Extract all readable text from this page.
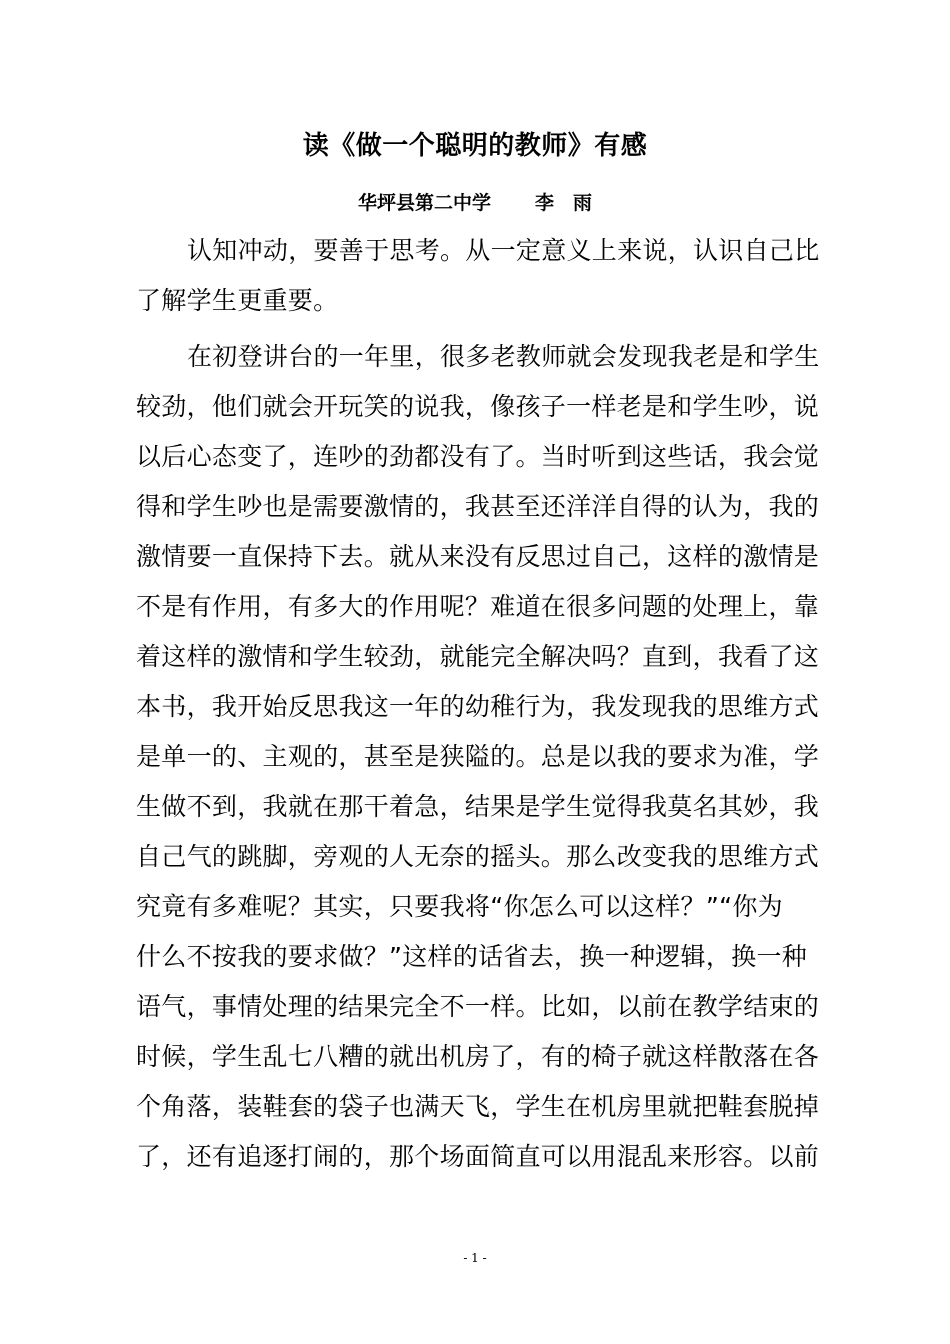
读《做一个聪明的教师》有感
华坪县第二中学 李　雨
认知冲动，要善于思考。从一定意义上来说，认识自己比
了解学生更重要。
在初登讲台的一年里，很多老教师就会发现我老是和学生
较劲，他们就会开玩笑的说我，像孩子一样老是和学生吵，说
以后心态变了，连吵的劲都没有了。当时听到这些话，我会觉
得和学生吵也是需要激情的，我甚至还洋洋自得的认为，我的
激情要一直保持下去。就从来没有反思过自己，这样的激情是
不是有作用，有多大的作用呢？难道在很多问题的处理上，靠
着这样的激情和学生较劲，就能完全解决吗？直到，我看了这
本书，我开始反思我这一年的幼稚行为，我发现我的思维方式
是单一的、主观的，甚至是狭隘的。总是以我的要求为准，学
生做不到，我就在那干着急，结果是学生觉得我莫名其妙，我
自己气的跳脚，旁观的人无奈的摇头。那么改变我的思维方式
究竟有多难呢？其实，只要我将“你怎么可以这样？”“你为
什么不按我的要求做？”这样的话省去，换一种逻辑，换一种
语气，事情处理的结果完全不一样。比如，以前在教学结束的
时候，学生乱七八糟的就出机房了，有的椅子就这样散落在各
个角落，装鞋套的袋子也满天飞，学生在机房里就把鞋套脱掉
了，还有追逐打闹的，那个场面简直可以用混乱来形容。以前
- 1 -
